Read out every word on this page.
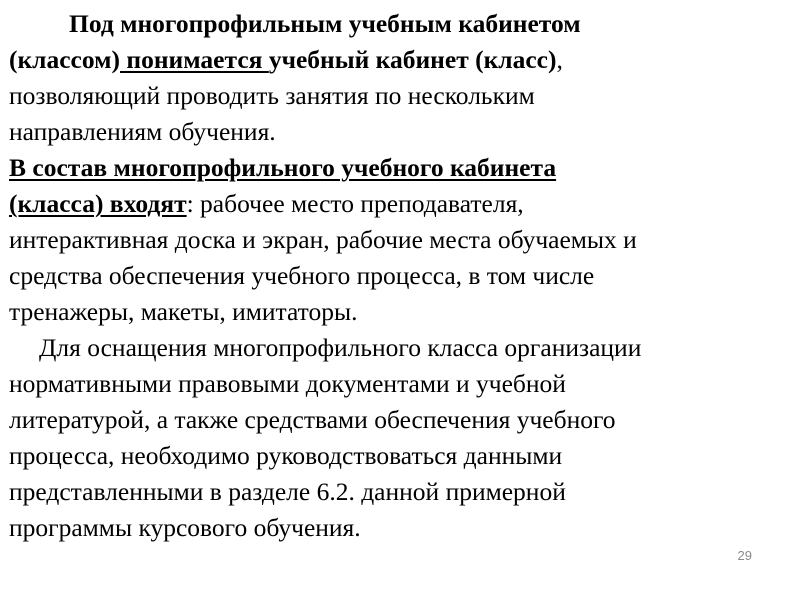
Под многопрофильным учебным кабинетом
(классом) понимается учебный кабинет (класс),
позволяющий проводить занятия по нескольким
направлениям обучения.
В состав многопрофильного учебного кабинета
(класса) входят: рабочее место преподавателя,
интерактивная доска и экран, рабочие места обучаемых и
средства обеспечения учебного процесса, в том числе
тренажеры, макеты, имитаторы.
Для оснащения многопрофильного класса организации
нормативными правовыми документами и учебной
литературой, а также средствами обеспечения учебного
процесса, необходимо руководствоваться данными
представленными в разделе 6.2. данной примерной
программы курсового обучения.
29
